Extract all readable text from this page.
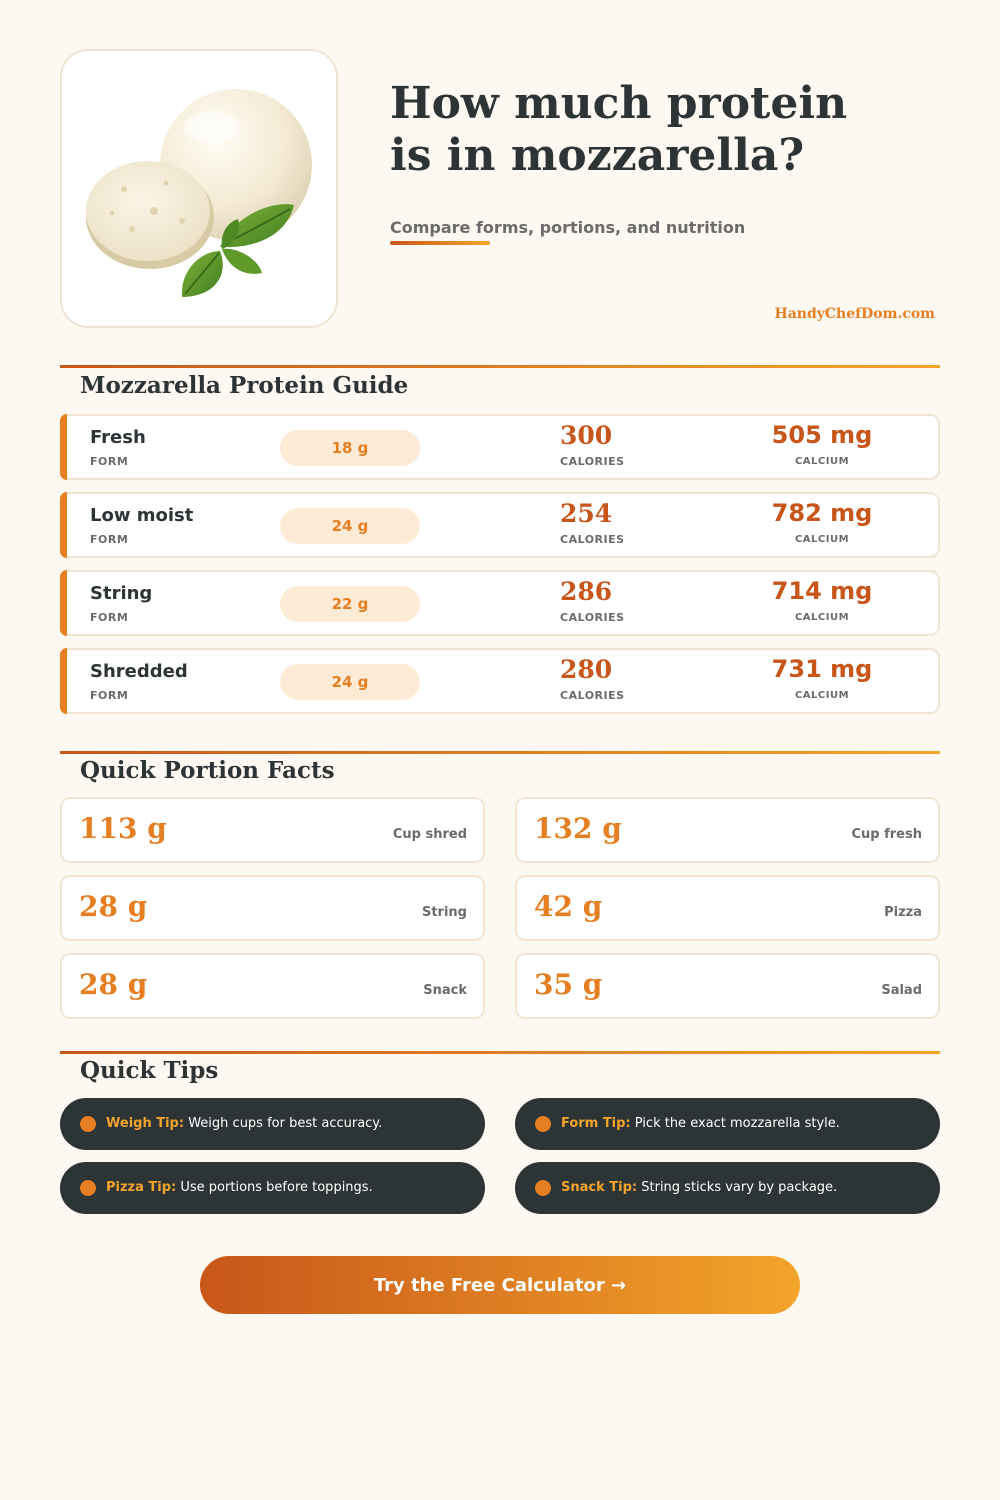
How much protein
is in mozzarella?
Compare forms, portions, and nutrition
HandyChefDom.com
Mozzarella Protein Guide
Fresh
FORM
18 g	300
CALORIES
505 mg
CALCIUM
Low moist
FORM
24 g	254
CALORIES
782 mg
CALCIUM
String
FORM
22 g	286
CALORIES
714 mg
CALCIUM
Shredded
FORM
24 g	280
CALORIES
731 mg
CALCIUM
Quick Portion Facts
113 g	Cup shred 132 g	Cup fresh
28 g	String 42 g	Pizza
28 g	Snack 35 g	Salad
Quick Tips
Weigh Tip: Weigh cups for best accuracy.	Form Tip: Pick the exact mozzarella style.
Pizza Tip: Use portions before toppings.	Snack Tip: String sticks vary by package.
Try the Free Calculator →
